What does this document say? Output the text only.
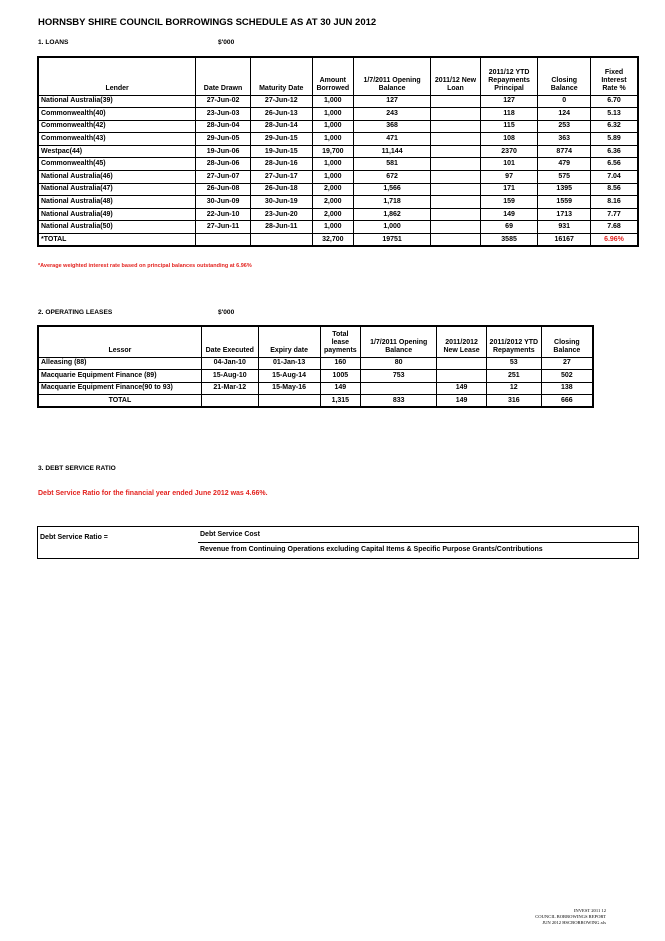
HORNSBY SHIRE COUNCIL BORROWINGS SCHEDULE AS AT 30 JUN 2012
1. LOANS	$'000
Lender	Date Drawn	Maturity Date	Amount Borrowed	1/7/2011 Opening Balance	2011/12 New Loan	2011/12 YTD Repayments Principal	Closing Balance	Fixed Interest Rate %
National Australia(39)	27-Jun-02	27-Jun-12	1,000	127		127	0	6.70
Commonwealth(40)	23-Jun-03	26-Jun-13	1,000	243		118	124	5.13
Commonwealth(42)	28-Jun-04	28-Jun-14	1,000	368		115	253	6.32
Commonwealth(43)	29-Jun-05	29-Jun-15	1,000	471		108	363	5.89
Westpac(44)	19-Jun-06	19-Jun-15	19,700	11,144		2370	8774	6.36
Commonwealth(45)	28-Jun-06	28-Jun-16	1,000	581		101	479	6.56
National Australia(46)	27-Jun-07	27-Jun-17	1,000	672		97	575	7.04
National Australia(47)	26-Jun-08	26-Jun-18	2,000	1,566		171	1395	8.56
National Australia(48)	30-Jun-09	30-Jun-19	2,000	1,718		159	1559	8.16
National Australia(49)	22-Jun-10	23-Jun-20	2,000	1,862		149	1713	7.77
National Australia(50)	27-Jun-11	28-Jun-11	1,000	1,000		69	931	7.68
*TOTAL			32,700	19751		3585	16167	6.96%
*Average weighted interest rate based on principal balances outstanding at 6.96%
2. OPERATING LEASES	$'000
Lessor	Date Executed	Expiry date	Total lease payments	1/7/2011 Opening Balance	2011/2012 New Lease	2011/2012 YTD Repayments	Closing Balance
Alleasing (88)	04-Jan-10	01-Jan-13	160	80		53	27
Macquarie Equipment Finance (89)	15-Aug-10	15-Aug-14	1005	753		251	502
Macquarie Equipment Finance(90 to 93)	21-Mar-12	15-May-16	149		149	12	138
TOTAL			1,315	833	149	316	666
3. DEBT SERVICE RATIO
Debt Service Ratio for the financial year ended June 2012 was 4.66%.
Debt Service Ratio =	Debt Service Cost
Revenue from Continuing Operations excluding Capital Items & Specific Purpose Grants/Contributions
INVEST 2011 12
COUNCIL BORROWINGS REPORT
JUN 2012 HSCBORROWING.xls
